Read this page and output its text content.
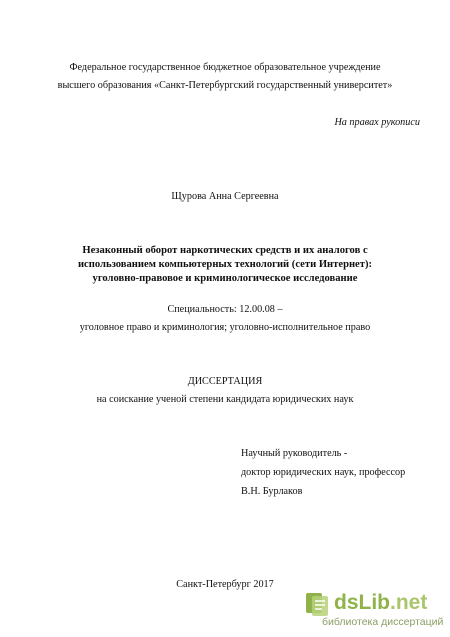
Федеральное государственное бюджетное образовательное учреждение
высшего образования «Санкт-Петербургский государственный университет»
На правах рукописи
Щурова Анна Сергеевна
Незаконный оборот наркотических средств и их аналогов с
использованием компьютерных технологий (сети Интернет):
уголовно-правовое и криминологическое исследование
Специальность: 12.00.08 –
уголовное право и криминология; уголовно-исполнительное право
ДИССЕРТАЦИЯ
на соискание ученой степени кандидата юридических наук
Научный руководитель -
доктор юридических наук, профессор
В.Н. Бурлаков
Санкт-Петербург 2017
dsLib.net
библиотека диссертаций
